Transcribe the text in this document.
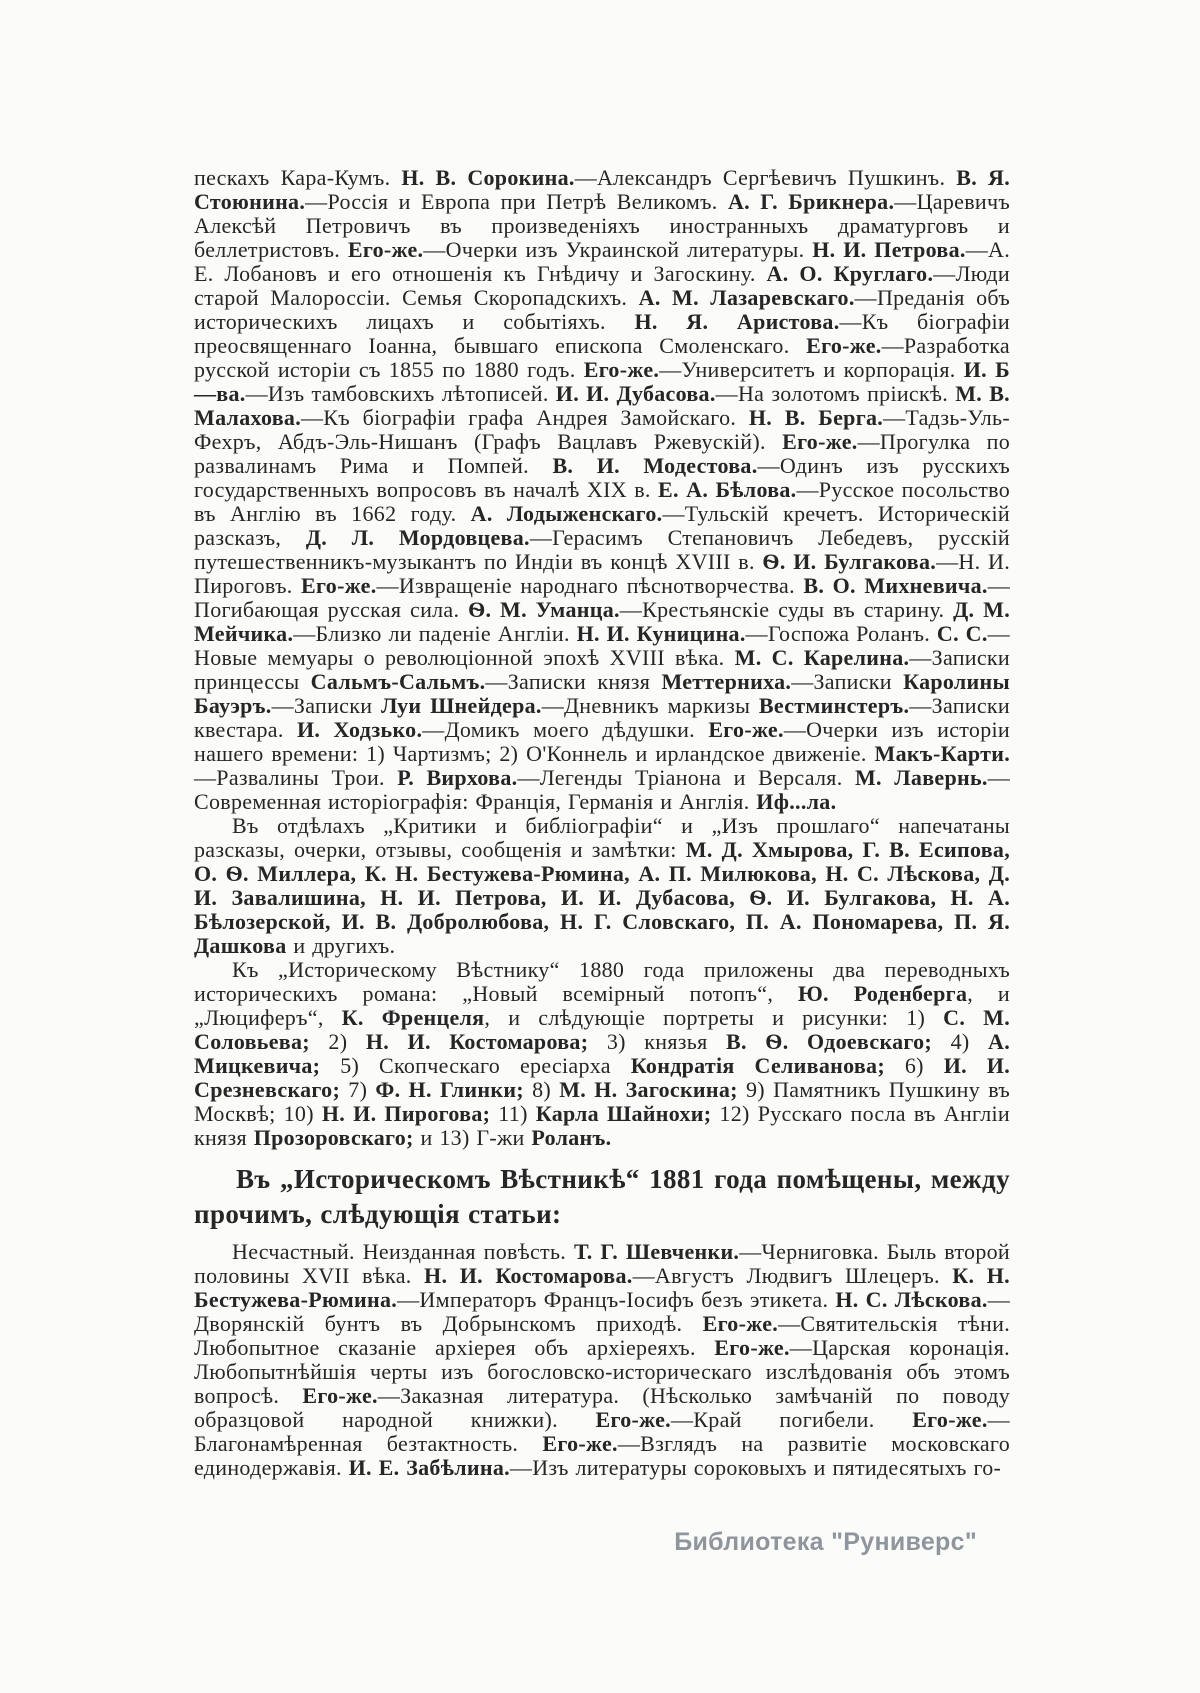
пескахъ Кара-Кумъ. Н. В. Сорокина.—Александръ Сергѣевичъ Пушкинъ. В. Я. Стоюнина.—Россія и Европа при Петрѣ Великомъ. А. Г. Брикнера.—Царевичъ Алексѣй Петровичъ въ произведеніяхъ иностранныхъ драматурговъ и беллетристовъ. Его-же.—Очерки изъ Украинской литературы. Н. И. Петрова.—А. Е. Лобановъ и его отношенія къ Гнѣдичу и Загоскину. А. О. Круглаго.—Люди старой Малороссіи. Семья Скоропадскихъ. А. М. Лазаревскаго.—Преданія объ историческихъ лицахъ и событіяхъ. Н. Я. Аристова.—Къ біографіи преосвященнаго Іоанна, бывшаго епископа Смоленскаго. Его-же.—Разработка русской исторіи съ 1855 по 1880 годъ. Его-же.—Университетъ и корпорація. И. Б—ва.—Изъ тамбовскихъ лѣтописей. И. И. Дубасова.—На золотомъ пріискѣ. М. В. Малахова.—Къ біографіи графа Андрея Замойскаго. Н. В. Берга.—Тадзь-Уль-Фехръ, Абдъ-Эль-Нишанъ (Графъ Вацлавъ Ржевускій). Его-же.—Прогулка по развалинамъ Рима и Помпей. В. И. Модестова.—Одинъ изъ русскихъ государственныхъ вопросовъ въ началѣ XIX в. Е. А. Бѣлова.—Русское посольство въ Англію въ 1662 году. А. Лодыженскаго.—Тульскій кречетъ. Историческій разсказъ, Д. Л. Мордовцева.—Герасимъ Степановичъ Лебедевъ, русскій путешественникъ-музыкантъ по Индіи въ концѣ XVIII в. Ѳ. И. Булгакова.—Н. И. Пироговъ. Его-же.—Извращеніе народнаго пѣснотворчества. В. О. Михневича.—Погибающая русская сила. Ѳ. М. Уманца.—Крестьянскіе суды въ старину. Д. М. Мейчика.—Близко ли паденіе Англіи. Н. И. Куницина.—Госпожа Роланъ. С. С.—Новые мемуары о революціонной эпохѣ XVIII вѣка. М. С. Карелина.—Записки принцессы Сальмъ-Сальмъ.—Записки князя Меттерниха.—Записки Каролины Бауэръ.—Записки Луи Шнейдера.—Дневникъ маркизы Вестминстеръ.—Записки квестара. И. Ходзько.—Домикъ моего дѣдушки. Его-же.—Очерки изъ исторіи нашего времени: 1) Чартизмъ; 2) О'Коннель и ирландское движеніе. Макъ-Карти.—Развалины Трои. Р. Вирхова.—Легенды Тріанона и Версаля. М. Лавернь.—Современная исторіографія: Франція, Германія и Англія. Иф...ла.

Въ отдѣлахъ „Критики и библіографіи“ и „Изъ прошлаго“ напечатаны разсказы, очерки, отзывы, сообщенія и замѣтки: М. Д. Хмырова, Г. В. Есипова, О. Ѳ. Миллера, К. Н. Бестужева-Рюмина, А. П. Милюкова, Н. С. Лѣскова, Д. И. Завалишина, Н. И. Петрова, И. И. Дубасова, Ѳ. И. Булгакова, Н. А. Бѣлозерской, И. В. Добролюбова, Н. Г. Словскаго, П. А. Пономарева, П. Я. Дашкова и другихъ.

Къ „Историческому Вѣстнику“ 1880 года приложены два переводныхъ историческихъ романа: „Новый всемірный потопъ“, Ю. Роденберга, и „Люциферъ“, К. Френцеля, и слѣдующіе портреты и рисунки: 1) С. М. Соловьева; 2) Н. И. Костомарова; 3) князья В. Ѳ. Одоевскаго; 4) А. Мицкевича; 5) Скопческаго ересіарха Кондратія Селиванова; 6) И. И. Срезневскаго; 7) Ф. Н. Глинки; 8) М. Н. Загоскина; 9) Памятникъ Пушкину въ Москвѣ; 10) Н. И. Пирогова; 11) Карла Шайнохи; 12) Русскаго посла въ Англіи князя Прозоровскаго; и 13) Г-жи Роланъ.

Въ „Историческомъ Вѣстникѣ“ 1881 года помѣщены, между прочимъ, слѣдующія статьи:

Несчастный. Неизданная повѣсть. Т. Г. Шевченки.—Черниговка. Быль второй половины XVII вѣка. Н. И. Костомарова.—Августъ Людвигъ Шлецеръ. К. Н. Бестужева-Рюмина.—Императоръ Францъ-Іосифъ безъ этикета. Н. С. Лѣскова.—Дворянскій бунтъ въ Добрынскомъ приходѣ. Его-же.—Святительскія тѣни. Любопытное сказаніе архіерея объ архіереяхъ. Его-же.—Царская коронація. Любопытнѣйшія черты изъ богословско-историческаго изслѣдованія объ этомъ вопросѣ. Его-же.—Заказная литература. (Нѣсколько замѣчаній по поводу образцовой народной книжки). Его-же.—Край погибели. Его-же.—Благонамѣренная безтактность. Его-же.—Взглядъ на развитіе московскаго единодержавія. И. Е. Забѣлина.—Изъ литературы сороковыхъ и пятидесятыхъ го-

Библиотека "Руниверс"
